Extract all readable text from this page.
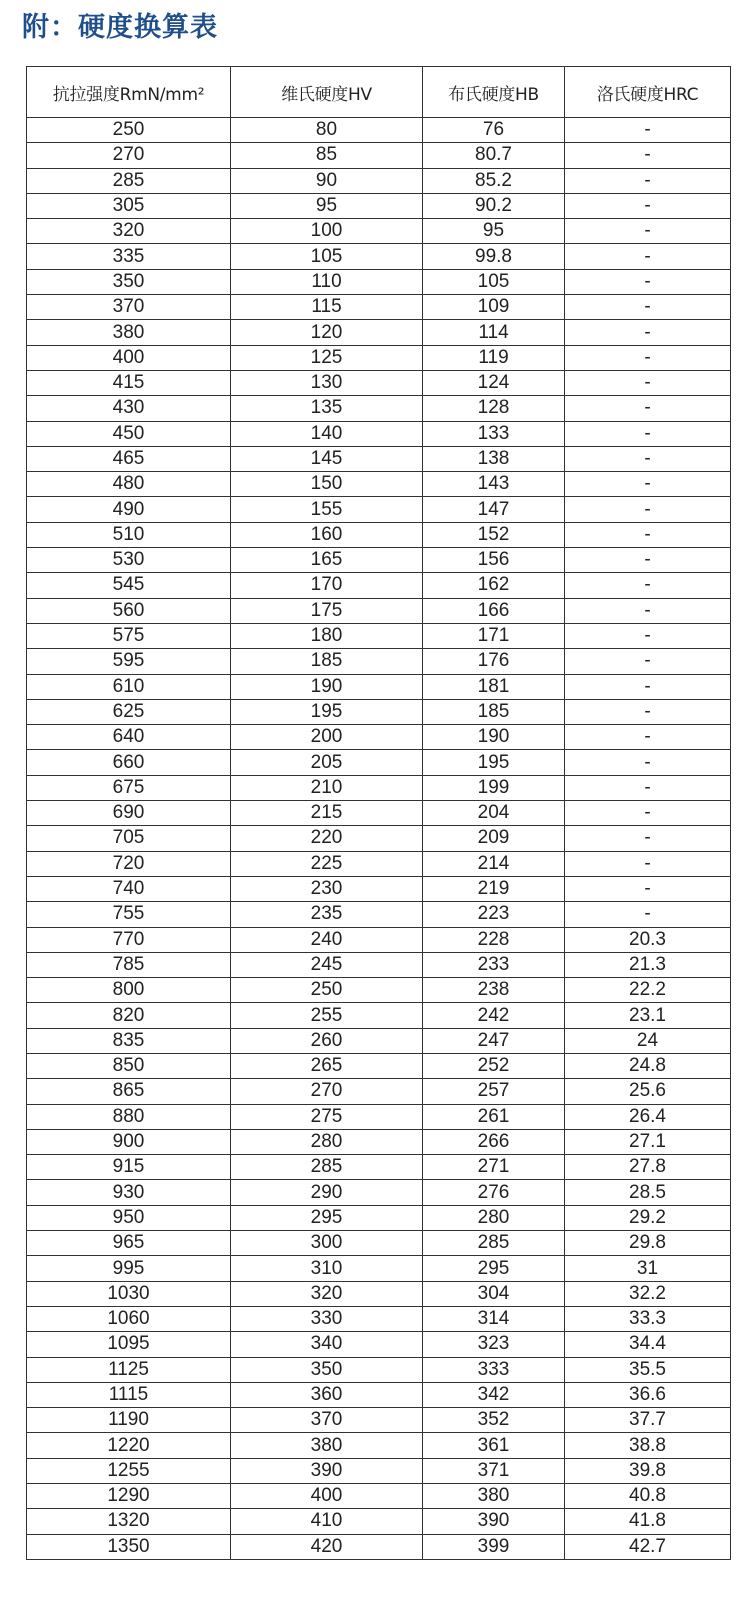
附：硬度换算表
抗拉强度RmN/mm²	维氏硬度HV	布氏硬度HB	洛氏硬度HRC
250	80	76	-
270	85	80.7	-
285	90	85.2	-
305	95	90.2	-
320	100	95	-
335	105	99.8	-
350	110	105	-
370	115	109	-
380	120	114	-
400	125	119	-
415	130	124	-
430	135	128	-
450	140	133	-
465	145	138	-
480	150	143	-
490	155	147	-
510	160	152	-
530	165	156	-
545	170	162	-
560	175	166	-
575	180	171	-
595	185	176	-
610	190	181	-
625	195	185	-
640	200	190	-
660	205	195	-
675	210	199	-
690	215	204	-
705	220	209	-
720	225	214	-
740	230	219	-
755	235	223	-
770	240	228	20.3
785	245	233	21.3
800	250	238	22.2
820	255	242	23.1
835	260	247	24
850	265	252	24.8
865	270	257	25.6
880	275	261	26.4
900	280	266	27.1
915	285	271	27.8
930	290	276	28.5
950	295	280	29.2
965	300	285	29.8
995	310	295	31
1030	320	304	32.2
1060	330	314	33.3
1095	340	323	34.4
1125	350	333	35.5
1115	360	342	36.6
1190	370	352	37.7
1220	380	361	38.8
1255	390	371	39.8
1290	400	380	40.8
1320	410	390	41.8
1350	420	399	42.7
